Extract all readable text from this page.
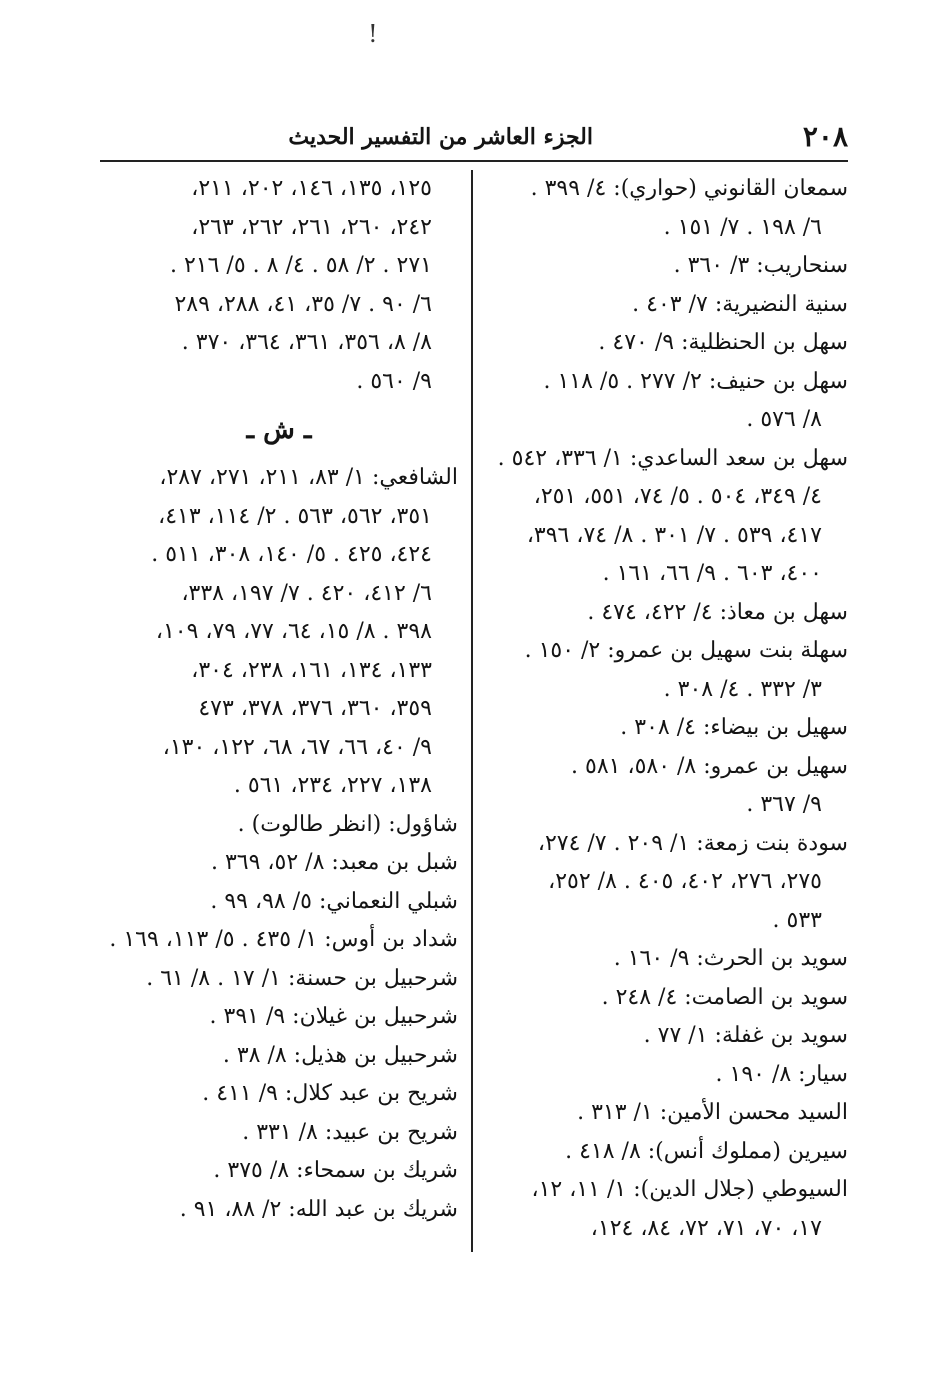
!
٢٠٨
الجزء العاشر من التفسير الحديث
سمعان القانوني (حواري): ٤/ ٣٩٩ .
٦/ ١٩٨ . ٧/ ١٥١ .
سنحاريب: ٣/ ٣٦٠ .
سنية النضيرية: ٧/ ٤٠٣ .
سهل بن الحنظلية: ٩/ ٤٧٠ .
سهل بن حنيف: ٢/ ٢٧٧ . ٥/ ١١٨ .
٨/ ٥٧٦ .
سهل بن سعد الساعدي: ١/ ٣٣٦، ٥٤٢ .
٤/ ٣٤٩، ٥٠٤ . ٥/ ٧٤، ٥٥١، ٢٥١،
٤١٧، ٥٣٩ . ٧/ ٣٠١ . ٨/ ٧٤، ٣٩٦،
٤٠٠، ٦٠٣ . ٩/ ٦٦، ١٦١ .
سهل بن معاذ: ٤/ ٤٢٢، ٤٧٤ .
سهلة بنت سهيل بن عمرو: ٢/ ١٥٠ .
٣/ ٣٣٢ . ٤/ ٣٠٨ .
سهيل بن بيضاء: ٤/ ٣٠٨ .
سهيل بن عمرو: ٨/ ٥٨٠، ٥٨١ .
٩/ ٣٦٧ .
سودة بنت زمعة: ١/ ٢٠٩ . ٧/ ٢٧٤،
٢٧٥، ٢٧٦، ٤٠٢، ٤٠٥ . ٨/ ٢٥٢،
٥٣٣ .
سويد بن الحرث: ٩/ ١٦٠ .
سويد بن الصامت: ٤/ ٢٤٨ .
سويد بن غفلة: ١/ ٧٧ .
سيار: ٨/ ١٩٠ .
السيد محسن الأمين: ١/ ٣١٣ .
سيرين (مملوك أنس): ٨/ ٤١٨ .
السيوطي (جلال الدين): ١/ ١١، ١٢،
١٧، ٧٠، ٧١، ٧٢، ٨٤، ١٢٤،
١٢٥، ١٣٥، ١٤٦، ٢٠٢، ٢١١،
٢٤٢، ٢٦٠، ٢٦١، ٢٦٢، ٢٦٣،
٢٧١ . ٢/ ٥٨ . ٤/ ٨ . ٥/ ٢١٦ .
٦/ ٩٠ . ٧/ ٣٥، ٤١، ٢٨٨، ٢٨٩
٨/ ٨، ٣٥٦، ٣٦١، ٣٦٤، ٣٧٠ .
٩/ ٥٦٠ .
ـ ش ـ
الشافعي: ١/ ٨٣، ٢١١، ٢٧١، ٢٨٧،
٣٥١، ٥٦٢، ٥٦٣ . ٢/ ١١٤، ٤١٣،
٤٢٤، ٤٢٥ . ٥/ ١٤٠، ٣٠٨، ٥١١ .
٦/ ٤١٢، ٤٢٠ . ٧/ ١٩٧، ٣٣٨،
٣٩٨ . ٨/ ١٥، ٦٤، ٧٧، ٧٩، ١٠٩،
١٣٣، ١٣٤، ١٦١، ٢٣٨، ٣٠٤،
٣٥٩، ٣٦٠، ٣٧٦، ٣٧٨، ٤٧٣
٩/ ٤٠، ٦٦، ٦٧، ٦٨، ١٢٢، ١٣٠،
١٣٨، ٢٢٧، ٢٣٤، ٥٦١ .
شاؤول: (انظر طالوت) .
شبل بن معبد: ٨/ ٥٢، ٣٦٩ .
شبلي النعماني: ٥/ ٩٨، ٩٩ .
شداد بن أوس: ١/ ٤٣٥ . ٥/ ١١٣، ١٦٩ .
شرحبيل بن حسنة: ١/ ١٧ . ٨/ ٦١ .
شرحبيل بن غيلان: ٩/ ٣٩١ .
شرحبيل بن هذيل: ٨/ ٣٨ .
شريح بن عبد كلال: ٩/ ٤١١ .
شريح بن عبيد: ٨/ ٣٣١ .
شريك بن سمحاء: ٨/ ٣٧٥ .
شريك بن عبد الله: ٢/ ٨٨، ٩١ .
